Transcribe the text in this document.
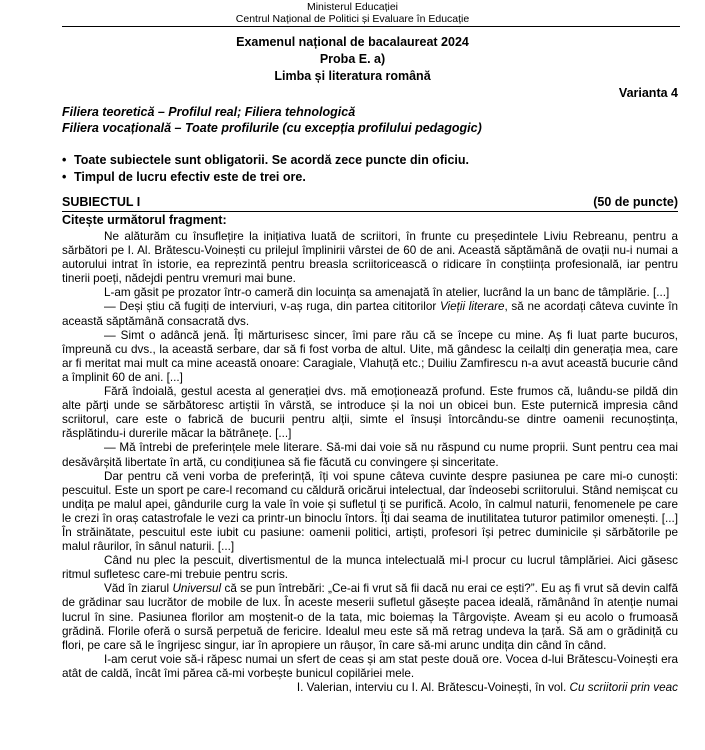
Ministerul Educației
Centrul Național de Politici și Evaluare în Educație
Examenul național de bacalaureat 2024
Proba E. a)
Limba și literatura română
Varianta 4
Filiera teoretică – Profilul real; Filiera tehnologică
Filiera vocațională – Toate profilurile (cu excepția profilului pedagogic)
• Toate subiectele sunt obligatorii. Se acordă zece puncte din oficiu.
• Timpul de lucru efectiv este de trei ore.
SUBIECTUL I	(50 de puncte)
Citește următorul fragment:

Ne alăturăm cu însuflețire la inițiativa luată de scriitori, în frunte cu președintele Liviu Rebreanu, pentru a sărbători pe I. Al. Brătescu-Voinești cu prilejul împlinirii vârstei de 60 de ani. Această săptămână de ovații nu-i numai a autorului intrat în istorie, ea reprezintă pentru breasla scriitoricească o ridicare în conștiința profesională, iar pentru tinerii poeți, nădejdi pentru vremuri mai bune.

L-am găsit pe prozator într-o cameră din locuința sa amenajată în atelier, lucrând la un banc de tâmplărie. [...]

— Deși știu că fugiți de interviuri, v-aș ruga, din partea cititorilor Vieții literare, să ne acordați câteva cuvinte în această săptămână consacrată dvs.

— Simt o adâncă jenă. Îți mărturisesc sincer, îmi pare rău că se începe cu mine. Aș fi luat parte bucuros, împreună cu dvs., la această serbare, dar să fi fost vorba de altul. Uite, mă gândesc la ceilalți din generația mea, care ar fi meritat mai mult ca mine această onoare: Caragiale, Vlahuță etc.; Duiliu Zamfirescu n-a avut această bucurie când a împlinit 60 de ani. [...]

Fără îndoială, gestul acesta al generației dvs. mă emoționează profund. Este frumos că, luându-se pildă din alte părți unde se sărbătoresc artiștii în vârstă, se introduce și la noi un obicei bun. Este puternică impresia când scriitorul, care este o fabrică de bucurii pentru alții, simte el însuși întorcându-se dintre oamenii recunoștința, răsplătindu-i durerile măcar la bătrânețe. [...]

— Mă întrebi de preferințele mele literare. Să-mi dai voie să nu răspund cu nume proprii. Sunt pentru cea mai desăvârșită libertate în artă, cu condițiunea să fie făcută cu convingere și sinceritate.

Dar pentru că veni vorba de preferință, îți voi spune câteva cuvinte despre pasiunea pe care mi-o cunoști: pescuitul. Este un sport pe care-l recomand cu căldură oricărui intelectual, dar îndeosebi scriitorului. Stând nemișcat cu undița pe malul apei, gândurile curg la vale în voie și sufletul ți se purifică. Acolo, în calmul naturii, fenomenele pe care le crezi în oraș catastrofale le vezi ca printr-un binoclu întors. Îți dai seama de inutilitatea tuturor patimilor omenești. [...] În străinătate, pescuitul este iubit cu pasiune: oamenii politici, artiști, profesori își petrec duminicile și sărbătorile pe malul râurilor, în sânul naturii. [...]

Când nu plec la pescuit, divertismentul de la munca intelectuală mi-l procur cu lucrul tâmplăriei. Aici găsesc ritmul sufletesc care-mi trebuie pentru scris.

Văd în ziarul Universul că se pun întrebări: „Ce-ai fi vrut să fii dacă nu erai ce ești?”. Eu aș fi vrut să devin calfă de grădinar sau lucrător de mobile de lux. În aceste meserii sufletul găsește pacea ideală, rămânând în atenție numai lucrul în sine. Pasiunea florilor am moștenit-o de la tata, mic boiemaș la Târgoviște. Aveam și eu acolo o frumoasă grădină. Florile oferă o sursă perpetuă de fericire. Idealul meu este să mă retrag undeva la țară. Să am o grădiniță cu flori, pe care să le îngrijesc singur, iar în apropiere un râușor, în care să-mi arunc undița din când în când.

I-am cerut voie să-i răpesc numai un sfert de ceas și am stat peste două ore. Vocea d-lui Brătescu-Voinești era atât de caldă, încât îmi părea că-mi vorbește bunicul copilăriei mele.

I. Valerian, interviu cu I. Al. Brătescu-Voinești, în vol. Cu scriitorii prin veac
